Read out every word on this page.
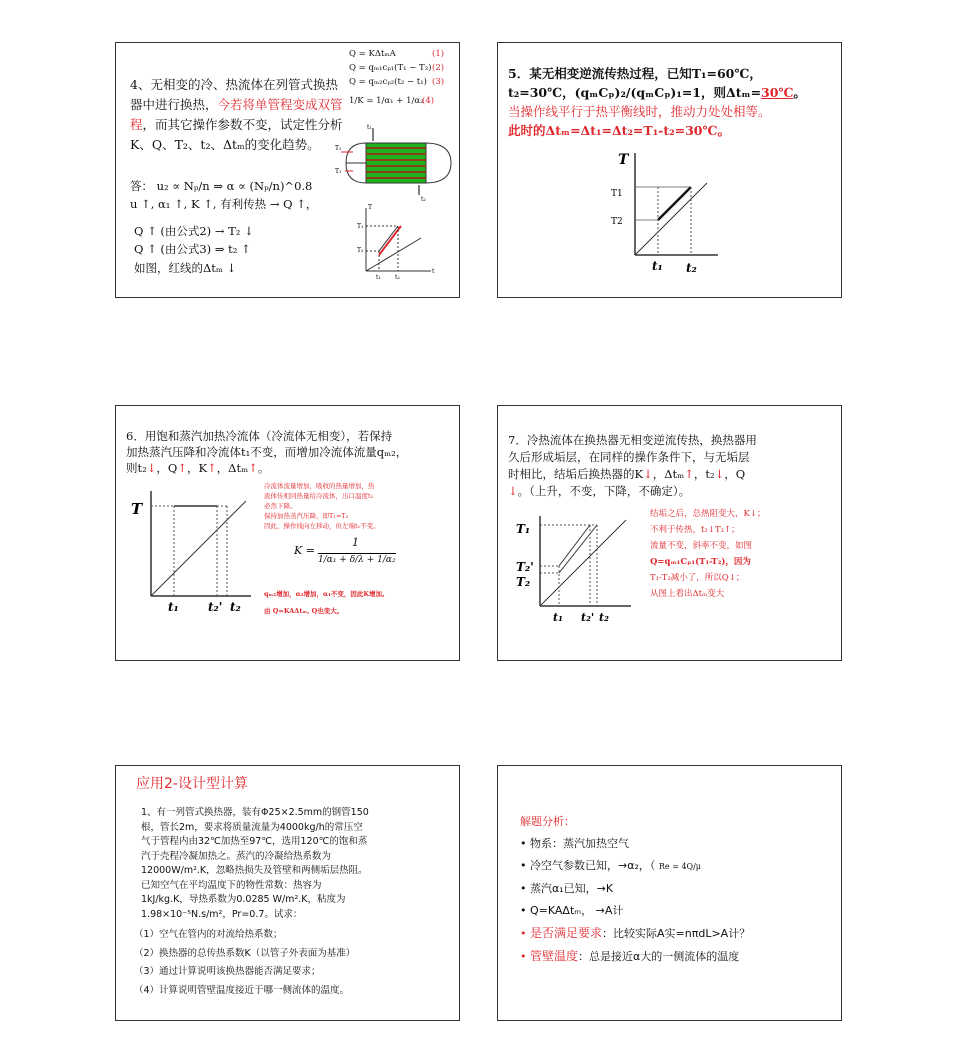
4、无相变的冷、热流体在列管式换热
器中进行换热，今若将单管程变成双管
程，而其它操作参数不变，试定性分析
K、Q、T₂、t₂、Δtₘ的变化趋势。
答： u₂ ∝ Nₚ/n ⇒ α ∝ (Nₚ/n)^0.8
u ↑, α₁ ↑, K ↑, 有利传热 → Q ↑，
Q ↑ (由公式2) → T₂ ↓
Q ↑ (由公式3) ⇒ t₂ ↑
如图，红线的Δtₘ ↓
Q = KΔtₘA	(1)
Q = qₘ₁cₚ₁(T₁ − T₂) (2)
Q = qₘ₂cₚ₂(t₂ − t₁) (3)
1/K = 1/α₁ + 1/α₂
(4)
t₁
T₂
T₁
t₂
T
t
T₁
T₂
t₁ t₂
5．某无相变逆流传热过程，已知T₁=60℃，
t₂=30℃，(qₘCₚ)₂/(qₘCₚ)₁=1，则Δtₘ=30℃。
当操作线平行于热平衡线时，推动力处处相等。
此时的Δtₘ=Δt₁=Δt₂=T₁-t₂=30℃。
T
T1
T2
t₁ t₂
6．用饱和蒸汽加热冷流体（冷流体无相变），若保持
加热蒸汽压降和冷流体t₁不变，而增加冷流体流量qₘ₂，
则t₂↓，Q↑，K↑，Δtₘ↑。
冷流体流量增加，吸收的热量增加，热
流体传相同热量给冷流体，出口温度t₂
必然下降。
保持加热蒸汽压降，即T₁=T₂
因此，操作线向左移动，但左端t₁不变。
K =
1
1/α₁ + δ/λ + 1/α₂
qₘ₂增加，α₂增加，α₁不变，因此K增加。
由 Q=KAΔtₘ, Q也变大。
T
t₁ t₂' t₂
7．冷热流体在换热器无相变逆流传热，换热器用
久后形成垢层，在同样的操作条件下，与无垢层
时相比，结垢后换热器的K↓，Δtₘ↑，t₂↓，Q
↓。（上升，不变，下降，不确定）。
结垢之后，总热阻变大，K↓；
不利于传热，t₂↓T₂↑；
流量不变，斜率不变，如图
Q=qₘ₁Cₚ₁(T₁-T₂)，因为
T₁-T₂减小了，所以Q↓；
从图上看出Δtₘ变大
T₁
T₂'
T₂
t₁ t₂' t₂
应用2-设计型计算
1、有一列管式换热器，装有Φ25×2.5mm的钢管150
根，管长2m，要求将质量流量为4000kg/h的常压空
气于管程内由32℃加热至97℃，选用120℃的饱和蒸
汽于壳程冷凝加热之。蒸汽的冷凝给热系数为
12000W/m².K，忽略热损失及管壁和两侧垢层热阻。
已知空气在平均温度下的物性常数：热容为
1kJ/kg.K，导热系数为0.0285 W/m².K，粘度为
1.98×10⁻⁵N.s/m²，Pr=0.7。试求：
（1）空气在管内的对流给热系数；
（2）换热器的总传热系数K（以管子外表面为基准）
（3）通过计算说明该换热器能否满足要求；
（4）计算说明管壁温度接近于哪一侧流体的温度。
解题分析：
• 物系：蒸汽加热空气
• 冷空气参数已知，→α₂，（ Re = 4Q/μ
• 蒸汽α₁已知，→K
• Q=KAΔtₘ， →A计
• 是否满足要求：比较实际A实=nπdL>A计？
• 管壁温度：总是接近α大的一侧流体的温度
